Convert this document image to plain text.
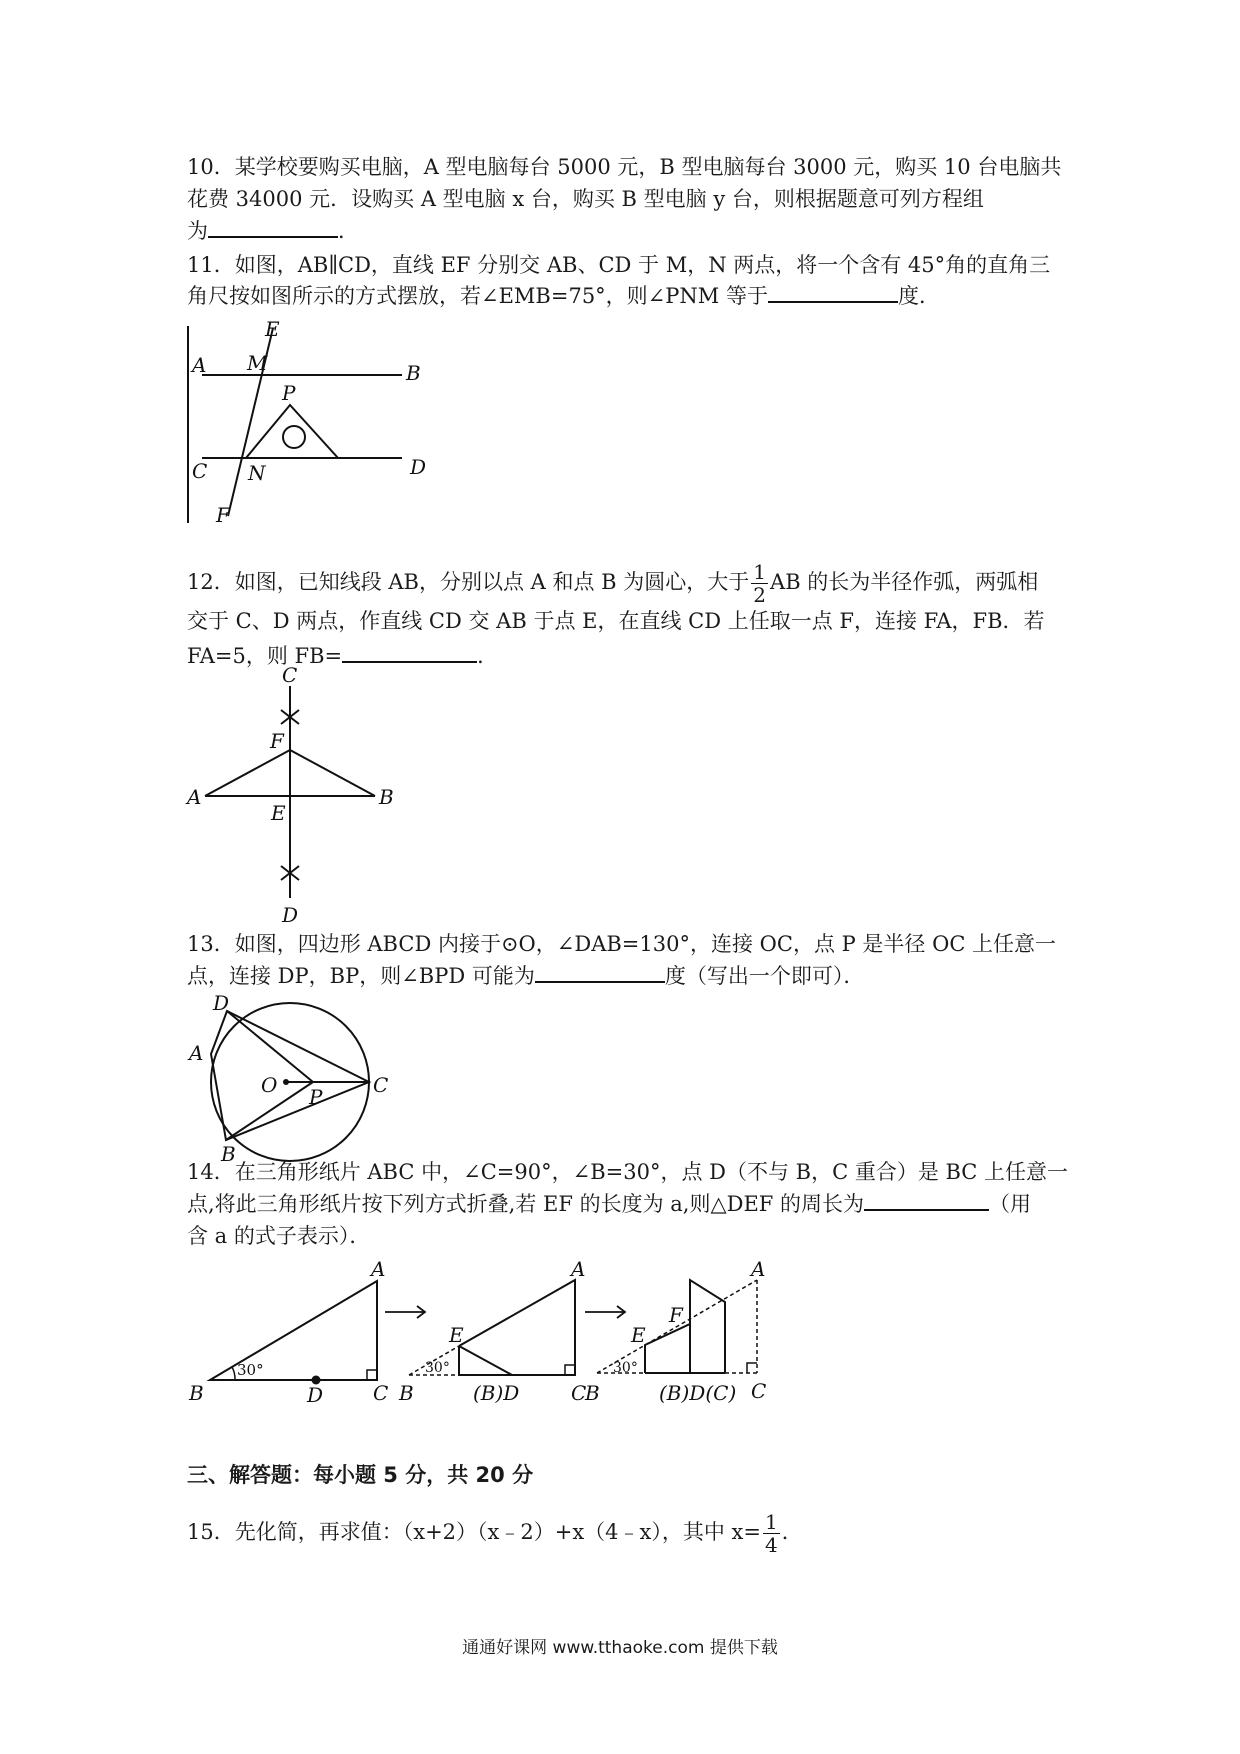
10．某学校要购买电脑，A 型电脑每台 5000 元，B 型电脑每台 3000 元，购买 10 台电脑共
花费 34000 元．设购买 A 型电脑 x 台，购买 B 型电脑 y 台，则根据题意可列方程组
为	．
11．如图，AB∥CD，直线 EF 分别交 AB、CD 于 M，N 两点，将一个含有 45°角的直角三
角尺按如图所示的方式摆放，若∠EMB=75°，则∠PNM 等于	度．
E
M
A	B
P
C N	D
F
12．如图，已知线段 AB，分别以点 A 和点 B 为圆心，大于 $\frac{1}{2}$ AB 的长为半径作弧，两弧相
交于 C、D 两点，作直线 CD 交 AB 于点 E，在直线 CD 上任取一点 F，连接 FA，FB．若
FA=5，则 FB=	．
C
F
A
E
B
D
13．如图，四边形 ABCD 内接于⊙O，∠DAB=130°，连接 OC，点 P 是半径 OC 上任意一
点，连接 DP，BP，则∠BPD 可能为	度（写出一个即可）．
D
A
O P	C
B
14．在三角形纸片 ABC 中，∠C=90°，∠B=30°，点 D（不与 B，C 重合）是 BC 上任意一
点,将此三角形纸片按下列方式折叠,若 EF 的长度为 a,则△DEF 的周长为	（用
含 a 的式子表示）．
30°
A
B	D C
30°
E
A
B	(B)D	C
30°
E
F
A
B	(B)D(C) C
三、解答题：每小题 5 分，共 20 分
15．先化简，再求值：（x+2）（x﹣2）+x（4﹣x），其中 $x= \frac{1}{4}$ ．
通通好课网 www.tthaoke.com 提供下载
